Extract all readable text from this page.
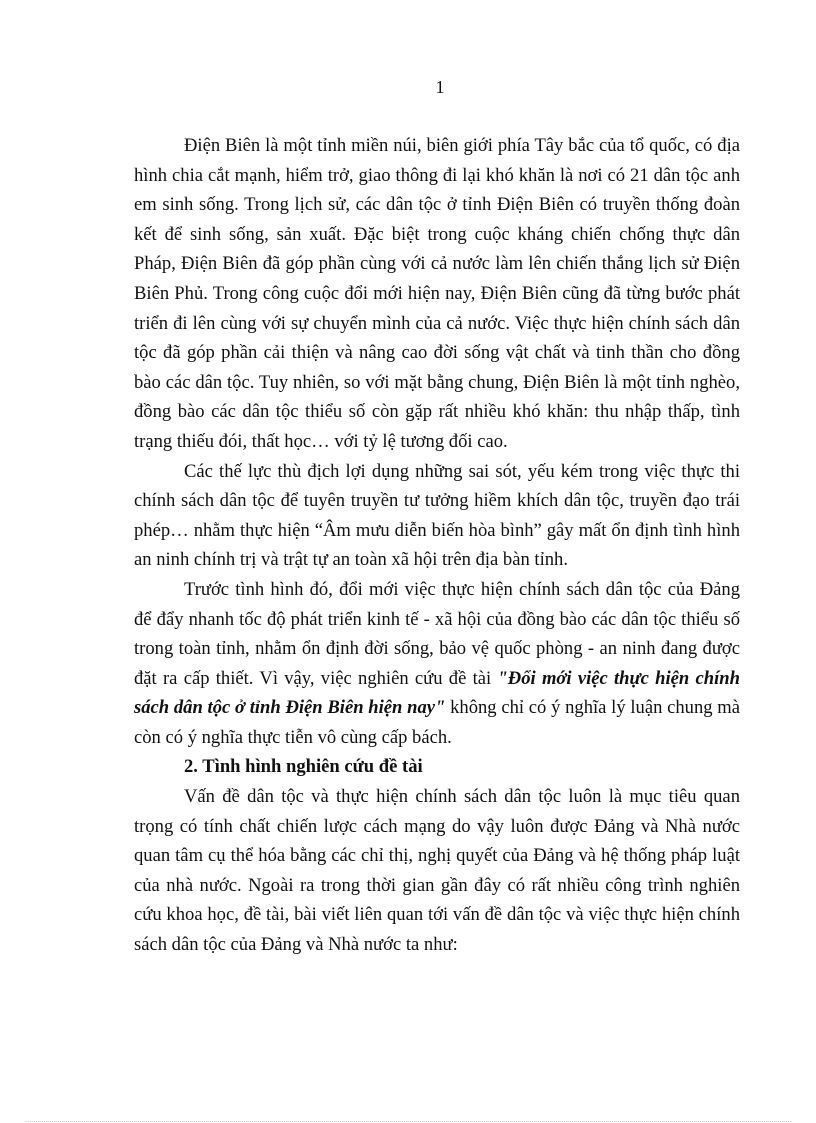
1

Điện Biên là một tỉnh miền núi, biên giới phía Tây bắc của tổ quốc, có địa hình chia cắt mạnh, hiểm trở, giao thông đi lại khó khăn là nơi có 21 dân tộc anh em sinh sống. Trong lịch sử, các dân tộc ở tỉnh Điện Biên có truyền thống đoàn kết để sinh sống, sản xuất. Đặc biệt trong cuộc kháng chiến chống thực dân Pháp, Điện Biên đã góp phần cùng với cả nước làm lên chiến thắng lịch sử Điện Biên Phủ. Trong công cuộc đổi mới hiện nay, Điện Biên cũng đã từng bước phát triển đi lên cùng với sự chuyển mình của cả nước. Việc thực hiện chính sách dân tộc đã góp phần cải thiện và nâng cao đời sống vật chất và tinh thần cho đồng bào các dân tộc. Tuy nhiên, so với mặt bằng chung, Điện Biên là một tỉnh nghèo, đồng bào các dân tộc thiểu số còn gặp rất nhiều khó khăn: thu nhập thấp, tình trạng thiếu đói, thất học… với tỷ lệ tương đối cao.

Các thế lực thù địch lợi dụng những sai sót, yếu kém trong việc thực thi chính sách dân tộc để tuyên truyền tư tưởng hiềm khích dân tộc, truyền đạo trái phép… nhằm thực hiện “Âm mưu diễn biến hòa bình” gây mất ổn định tình hình an ninh chính trị và trật tự an toàn xã hội trên địa bàn tỉnh.

Trước tình hình đó, đổi mới việc thực hiện chính sách dân tộc của Đảng để đẩy nhanh tốc độ phát triển kinh tế - xã hội của đồng bào các dân tộc thiểu số trong toàn tỉnh, nhằm ổn định đời sống, bảo vệ quốc phòng - an ninh đang được đặt ra cấp thiết. Vì vậy, việc nghiên cứu đề tài "Đổi mới việc thực hiện chính sách dân tộc ở tỉnh Điện Biên hiện nay" không chỉ có ý nghĩa lý luận chung mà còn có ý nghĩa thực tiễn vô cùng cấp bách.

2. Tình hình nghiên cứu đề tài

Vấn đề dân tộc và thực hiện chính sách dân tộc luôn là mục tiêu quan trọng có tính chất chiến lược cách mạng do vậy luôn được Đảng và Nhà nước quan tâm cụ thể hóa bằng các chỉ thị, nghị quyết của Đảng và hệ thống pháp luật của nhà nước. Ngoài ra trong thời gian gần đây có rất nhiều công trình nghiên cứu khoa học, đề tài, bài viết liên quan tới vấn đề dân tộc và việc thực hiện chính sách dân tộc của Đảng và Nhà nước ta như:
